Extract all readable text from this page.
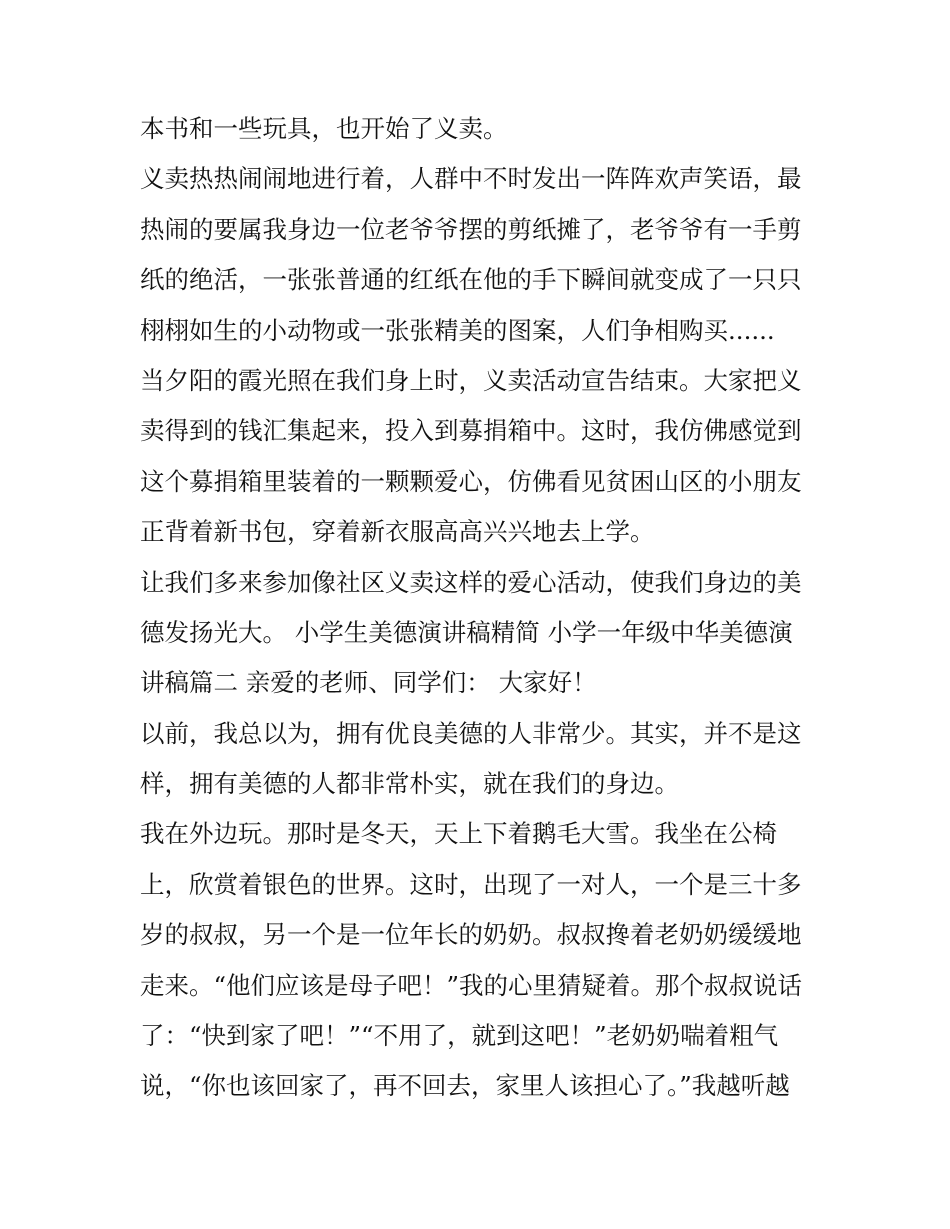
本书和一些玩具，也开始了义卖。
义卖热热闹闹地进行着，人群中不时发出一阵阵欢声笑语，最
热闹的要属我身边一位老爷爷摆的剪纸摊了，老爷爷有一手剪
纸的绝活，一张张普通的红纸在他的手下瞬间就变成了一只只
栩栩如生的小动物或一张张精美的图案，人们争相购买......
当夕阳的霞光照在我们身上时，义卖活动宣告结束。大家把义
卖得到的钱汇集起来，投入到募捐箱中。这时，我仿佛感觉到
这个募捐箱里装着的一颗颗爱心，仿佛看见贫困山区的小朋友
正背着新书包，穿着新衣服高高兴兴地去上学。
让我们多来参加像社区义卖这样的爱心活动，使我们身边的美
德发扬光大。 小学生美德演讲稿精简 小学一年级中华美德演
讲稿篇二 亲爱的老师、同学们： 大家好！
以前，我总以为，拥有优良美德的人非常少。其实，并不是这
样，拥有美德的人都非常朴实，就在我们的身边。
我在外边玩。那时是冬天，天上下着鹅毛大雪。我坐在公椅
上，欣赏着银色的世界。这时，出现了一对人，一个是三十多
岁的叔叔，另一个是一位年长的奶奶。叔叔搀着老奶奶缓缓地
走来。“他们应该是母子吧！”我的心里猜疑着。那个叔叔说话
了：“快到家了吧！”“不用了，就到这吧！”老奶奶喘着粗气
说，“你也该回家了，再不回去，家里人该担心了。”我越听越
